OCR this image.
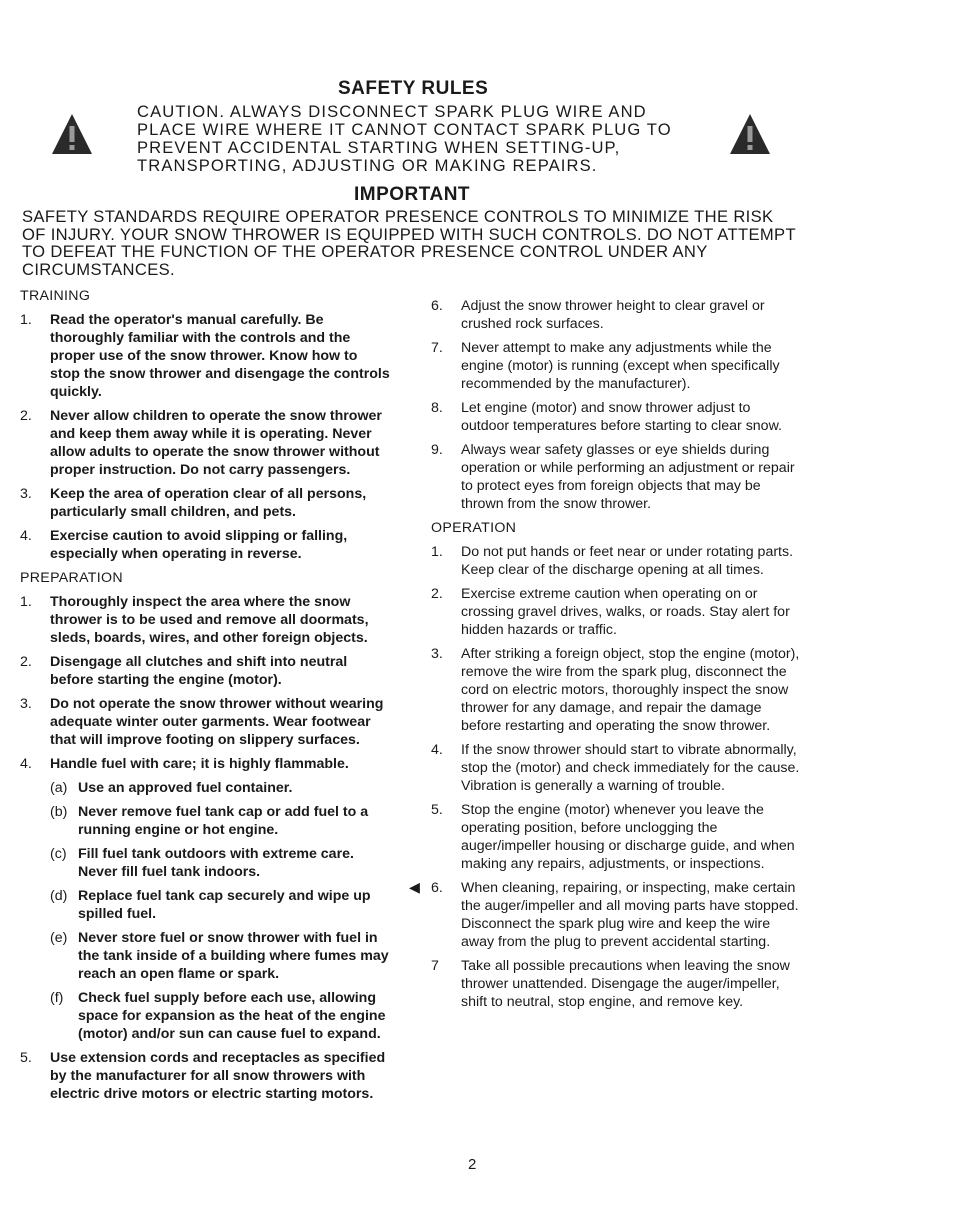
SAFETY RULES

CAUTION. ALWAYS DISCONNECT SPARK PLUG WIRE AND PLACE WIRE WHERE IT CANNOT CONTACT SPARK PLUG TO PREVENT ACCIDENTAL STARTING WHEN SETTING-UP, TRANSPORTING, ADJUSTING OR MAKING REPAIRS.

IMPORTANT

SAFETY STANDARDS REQUIRE OPERATOR PRESENCE CONTROLS TO MINIMIZE THE RISK OF INJURY. YOUR SNOW THROWER IS EQUIPPED WITH SUCH CONTROLS. DO NOT ATTEMPT TO DEFEAT THE FUNCTION OF THE OPERATOR PRESENCE CONTROL UNDER ANY CIRCUMSTANCES.

TRAINING
1.	Read the operator's manual carefully. Be thoroughly familiar with the controls and the proper use of the snow thrower. Know how to stop the snow thrower and disengage the controls quickly.
2.	Never allow children to operate the snow thrower and keep them away while it is operating. Never allow adults to operate the snow thrower without proper instruction. Do not carry passengers.
3.	Keep the area of operation clear of all persons, particularly small children, and pets.
4.	Exercise caution to avoid slipping or falling, especially when operating in reverse.
PREPARATION
1.	Thoroughly inspect the area where the snow thrower is to be used and remove all doormats, sleds, boards, wires, and other foreign objects.
2.	Disengage all clutches and shift into neutral before starting the engine (motor).
3.	Do not operate the snow thrower without wearing adequate winter outer garments. Wear footwear that will improve footing on slippery surfaces.
4.	Handle fuel with care; it is highly flammable.
(a) Use an approved fuel container.
(b) Never remove fuel tank cap or add fuel to a running engine or hot engine.
(c) Fill fuel tank outdoors with extreme care. Never fill fuel tank indoors.
(d) Replace fuel tank cap securely and wipe up spilled fuel.
(e) Never store fuel or snow thrower with fuel in the tank inside of a building where fumes may reach an open flame or spark.
(f)	Check fuel supply before each use, allowing space for expansion as the heat of the engine (motor) and/or sun can cause fuel to expand.
5.	Use extension cords and receptacles as specified by the manufacturer for all snow throwers with electric drive motors or electric starting motors.
6.	Adjust the snow thrower height to clear gravel or crushed rock surfaces.
7.	Never attempt to make any adjustments while the engine (motor) is running (except when specifically recommended by the manufacturer).
8.	Let engine (motor) and snow thrower adjust to outdoor temperatures before starting to clear snow.
9.	Always wear safety glasses or eye shields during operation or while performing an adjustment or repair to protect eyes from foreign objects that may be thrown from the snow thrower.
OPERATION
1.	Do not put hands or feet near or under rotating parts. Keep clear of the discharge opening at all times.
2.	Exercise extreme caution when operating on or crossing gravel drives, walks, or roads. Stay alert for hidden hazards or traffic.
3.	After striking a foreign object, stop the engine (motor), remove the wire from the spark plug, disconnect the cord on electric motors, thoroughly inspect the snow thrower for any damage, and repair the damage before restarting and operating the snow thrower.
4.	If the snow thrower should start to vibrate abnormally, stop the (motor) and check immediately for the cause. Vibration is generally a warning of trouble.
5.	Stop the engine (motor) whenever you leave the operating position, before unclogging the auger/impeller housing or discharge guide, and when making any repairs, adjustments, or inspections.
◀ 6.	When cleaning, repairing, or inspecting, make certain the auger/impeller and all moving parts have stopped. Disconnect the spark plug wire and keep the wire away from the plug to prevent accidental starting.
7	Take all possible precautions when leaving the snow thrower unattended. Disengage the auger/impeller, shift to neutral, stop engine, and remove key.

2
